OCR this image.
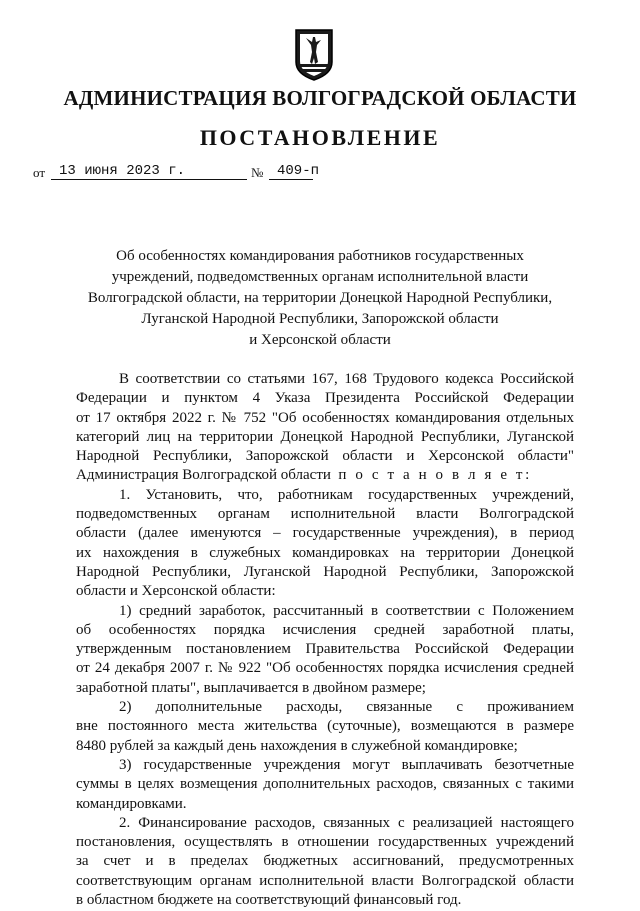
АДМИНИСТРАЦИЯ ВОЛГОГРАДСКОЙ ОБЛАСТИ
ПОСТАНОВЛЕНИЕ
от 13 июня 2023 г.	№ 409-п
Об особенностях командирования работников государственных
учреждений, подведомственных органам исполнительной власти
Волгоградской области, на территории Донецкой Народной Республики,
Луганской Народной Республики, Запорожской области
и Херсонской области
В соответствии со статьями 167, 168 Трудового кодекса Российской
Федерации и пунктом 4 Указа Президента Российской Федерации
от 17 октября 2022 г. № 752 "Об особенностях командирования отдельных
категорий лиц на территории Донецкой Народной Республики, Луганской
Народной Республики, Запорожской области и Херсонской области"
Администрация Волгоградской области п о с т а н о в л я е т:
1. Установить, что, работникам государственных учреждений,
подведомственных органам исполнительной власти Волгоградской
области (далее именуются – государственные учреждения), в период
их нахождения в служебных командировках на территории Донецкой
Народной Республики, Луганской Народной Республики, Запорожской
области и Херсонской области:
1) средний заработок, рассчитанный в соответствии с Положением
об особенностях порядка исчисления средней заработной платы,
утвержденным постановлением Правительства Российской Федерации
от 24 декабря 2007 г. № 922 "Об особенностях порядка исчисления средней
заработной платы", выплачивается в двойном размере;
2) дополнительные расходы, связанные с проживанием
вне постоянного места жительства (суточные), возмещаются в размере
8480 рублей за каждый день нахождения в служебной командировке;
3) государственные учреждения могут выплачивать безотчетные
суммы в целях возмещения дополнительных расходов, связанных с такими
командировками.
2. Финансирование расходов, связанных с реализацией настоящего
постановления, осуществлять в отношении государственных учреждений
за счет и в пределах бюджетных ассигнований, предусмотренных
соответствующим органам исполнительной власти Волгоградской области
в областном бюджете на соответствующий финансовый год.
